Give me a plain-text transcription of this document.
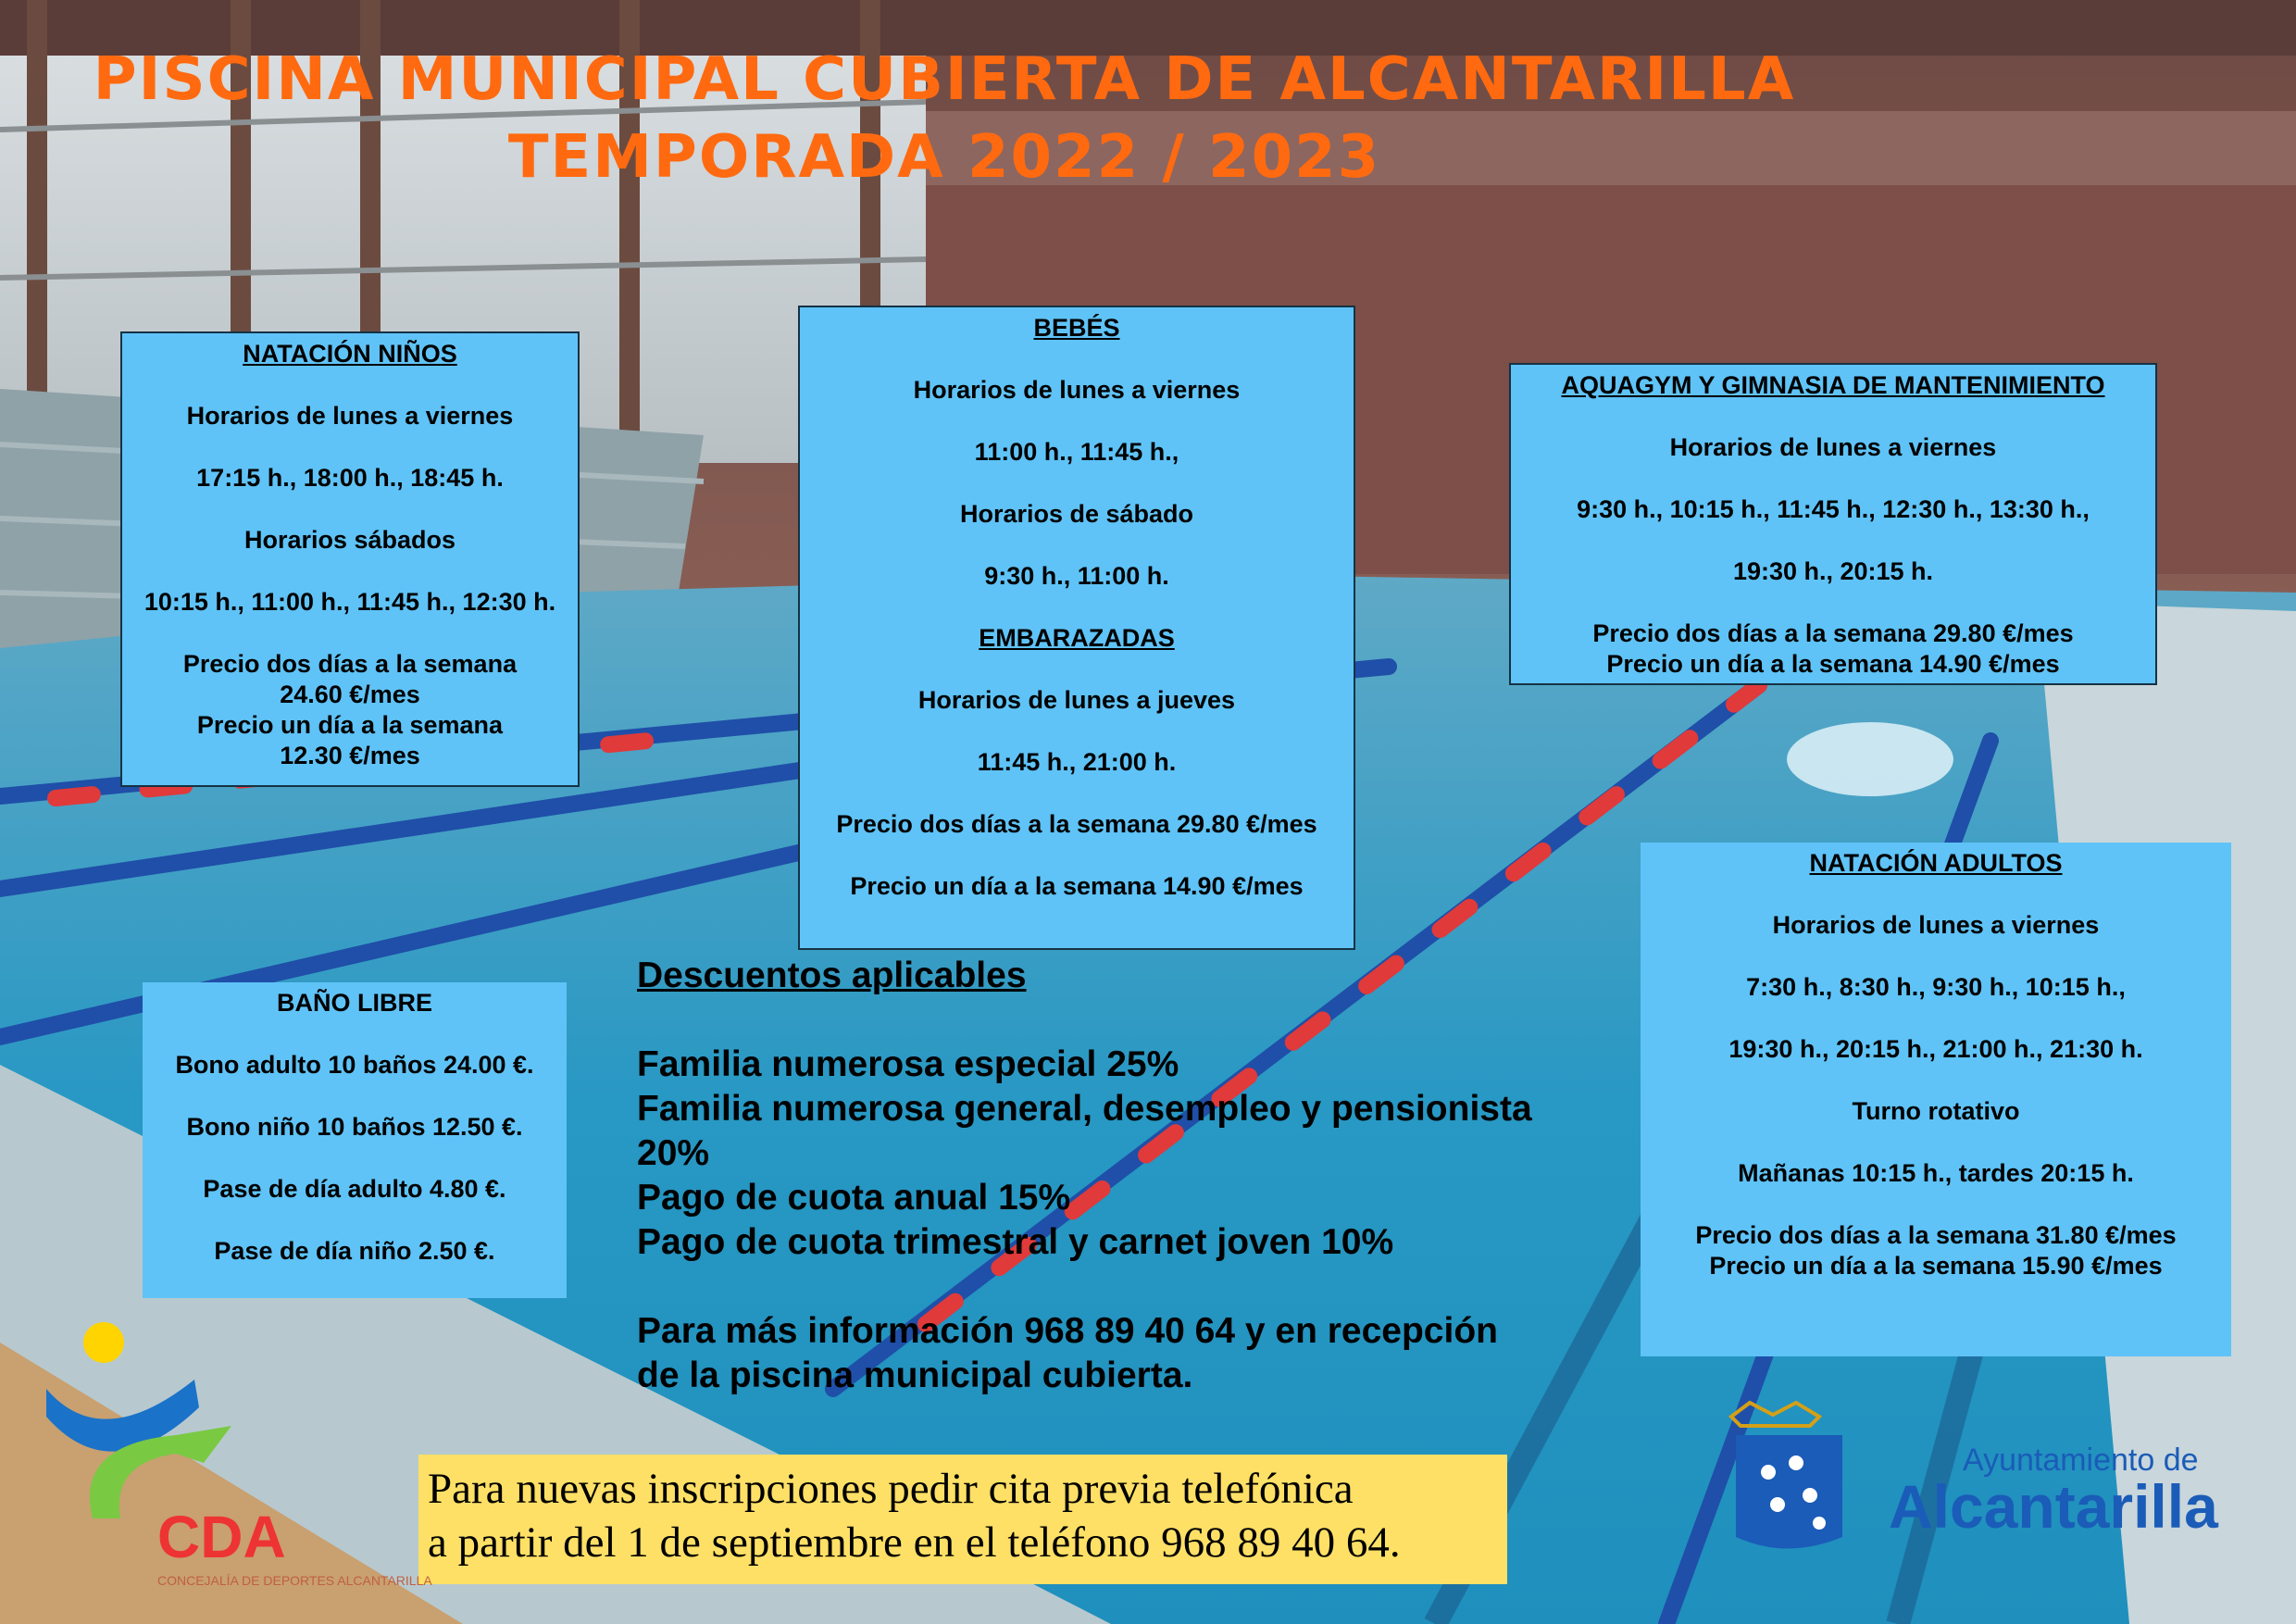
PISCINA MUNICIPAL CUBIERTA DE ALCANTARILLA
TEMPORADA 2022 / 2023

NATACIÓN NIÑOS

Horarios de lunes a viernes

17:15 h., 18:00 h., 18:45 h.

Horarios sábados

10:15 h., 11:00 h., 11:45 h., 12:30 h.

Precio dos días a la semana

24.60 €/mes

Precio un día a la semana

12.30 €/mes

BEBÉS

Horarios de lunes a viernes

11:00 h., 11:45 h.,

Horarios de sábado

9:30 h., 11:00 h.

EMBARAZADAS

Horarios de lunes a jueves

11:45 h., 21:00 h.

Precio dos días a la semana 29.80 €/mes

Precio un día a la semana 14.90 €/mes

AQUAGYM Y GIMNASIA DE MANTENIMIENTO

Horarios de lunes a viernes

9:30 h., 10:15 h., 11:45 h., 12:30 h., 13:30 h.,

19:30 h., 20:15 h.

Precio dos días a la semana 29.80 €/mes

Precio un día a la semana 14.90 €/mes

NATACIÓN ADULTOS

Horarios de lunes a viernes

7:30 h., 8:30 h., 9:30 h., 10:15 h.,

19:30 h., 20:15 h., 21:00 h., 21:30 h.

Turno rotativo

Mañanas 10:15 h., tardes 20:15 h.

Precio dos días a la semana 31.80 €/mes

Precio un día a la semana 15.90 €/mes

BAÑO LIBRE

Bono adulto 10 baños 24.00 €.

Bono niño 10 baños 12.50 €.

Pase de día adulto 4.80 €.

Pase de día niño 2.50 €.

Descuentos aplicables

Familia numerosa especial 25%

Familia numerosa general, desempleo y pensionista

20%

Pago de cuota anual 15%

Pago de cuota trimestral y carnet joven 10%

Para más información 968 89 40 64 y en recepción

de la piscina municipal cubierta.

Para nuevas inscripciones pedir cita previa telefónica

a partir del 1 de septiembre en el teléfono 968 89 40 64.

CDA
CONCEJALÍA DE DEPORTES ALCANTARILLA
Ayuntamiento de
Alcantarilla
